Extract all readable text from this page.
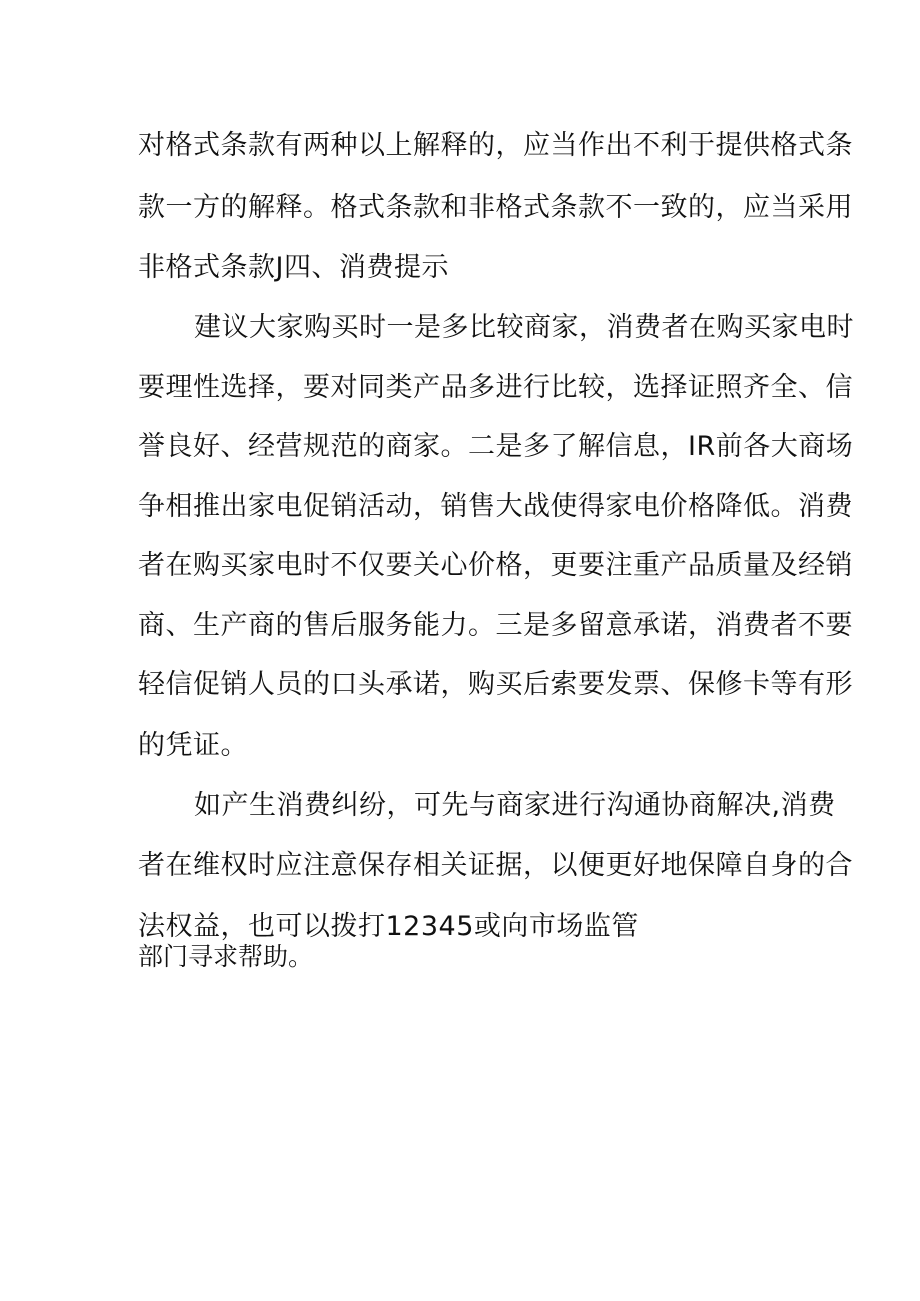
对格式条款有两种以上解释的，应当作出不利于提供格式条
款一方的解释。格式条款和非格式条款不一致的，应当采用
非格式条款J四、消费提示
建议大家购买时一是多比较商家，消费者在购买家电时
要理性选择，要对同类产品多进行比较，选择证照齐全、信
誉良好、经营规范的商家。二是多了解信息，IR前各大商场
争相推出家电促销活动，销售大战使得家电价格降低。消费
者在购买家电时不仅要关心价格，更要注重产品质量及经销
商、生产商的售后服务能力。三是多留意承诺，消费者不要
轻信促销人员的口头承诺，购买后索要发票、保修卡等有形
的凭证。
如产生消费纠纷，可先与商家进行沟通协商解决,消费
者在维权时应注意保存相关证据，以便更好地保障自身的合
法权益，也可以拨打12345或向市场监管
部门寻求帮助。
